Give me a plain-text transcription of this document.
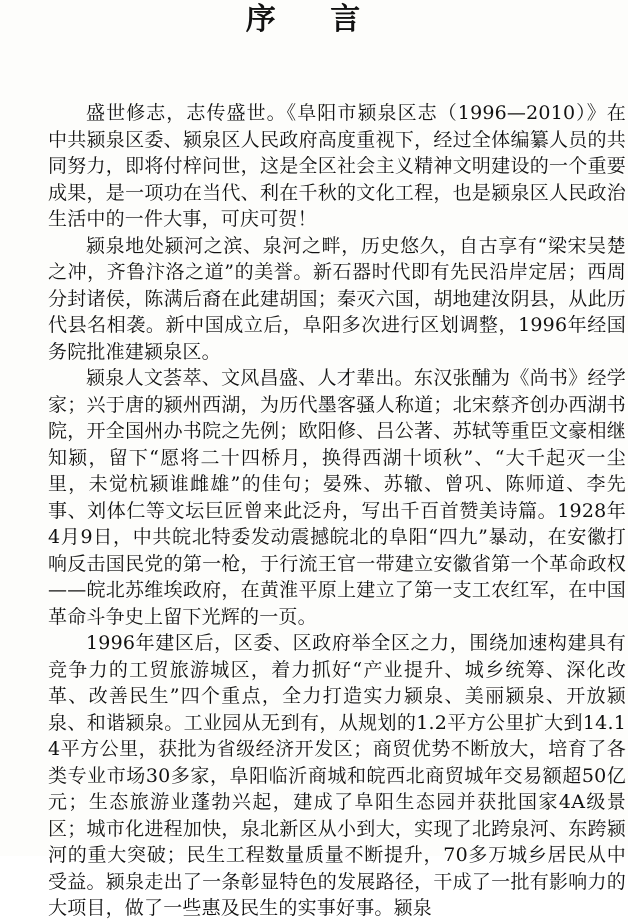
序 言

盛世修志，志传盛世。《阜阳市颍泉区志（1996—2010）》在中共颍泉区委、颍泉区人民政府高度重视下，经过全体编纂人员的共同努力，即将付梓问世，这是全区社会主义精神文明建设的一个重要成果，是一项功在当代、利在千秋的文化工程，也是颍泉区人民政治生活中的一件大事，可庆可贺！

颍泉地处颍河之滨、泉河之畔，历史悠久，自古享有“梁宋吴楚之冲，齐鲁汴洛之道”的美誉。新石器时代即有先民沿岸定居；西周分封诸侯，陈满后裔在此建胡国；秦灭六国，胡地建汝阴县，从此历代县名相袭。新中国成立后，阜阳多次进行区划调整，1996年经国务院批准建颍泉区。

颍泉人文荟萃、文风昌盛、人才辈出。东汉张酺为《尚书》经学家；兴于唐的颍州西湖，为历代墨客骚人称道；北宋蔡齐创办西湖书院，开全国州办书院之先例；欧阳修、吕公著、苏轼等重臣文豪相继知颍，留下“愿将二十四桥月，换得西湖十顷秋”、“大千起灭一尘里，未觉杭颍谁雌雄”的佳句；晏殊、苏辙、曾巩、陈师道、李先事、刘体仁等文坛巨匠曾来此泛舟，写出千百首赞美诗篇。1928年4月9日，中共皖北特委发动震撼皖北的阜阳“四九”暴动，在安徽打响反击国民党的第一枪，于行流王官一带建立安徽省第一个革命政权——皖北苏维埃政府，在黄淮平原上建立了第一支工农红军，在中国革命斗争史上留下光辉的一页。

1996年建区后，区委、区政府举全区之力，围绕加速构建具有竞争力的工贸旅游城区，着力抓好“产业提升、城乡统筹、深化改革、改善民生”四个重点，全力打造实力颍泉、美丽颍泉、开放颍泉、和谐颍泉。工业园从无到有，从规划的1.2平方公里扩大到14.14平方公里，获批为省级经济开发区；商贸优势不断放大，培育了各类专业市场30多家，阜阳临沂商城和皖西北商贸城年交易额超50亿元；生态旅游业蓬勃兴起，建成了阜阳生态园并获批国家4A级景区；城市化进程加快，泉北新区从小到大，实现了北跨泉河、东跨颍河的重大突破；民生工程数量质量不断提升，70多万城乡居民从中受益。颍泉走出了一条彰显特色的发展路径，干成了一批有影响力的大项目，做了一些惠及民生的实事好事。颍泉
